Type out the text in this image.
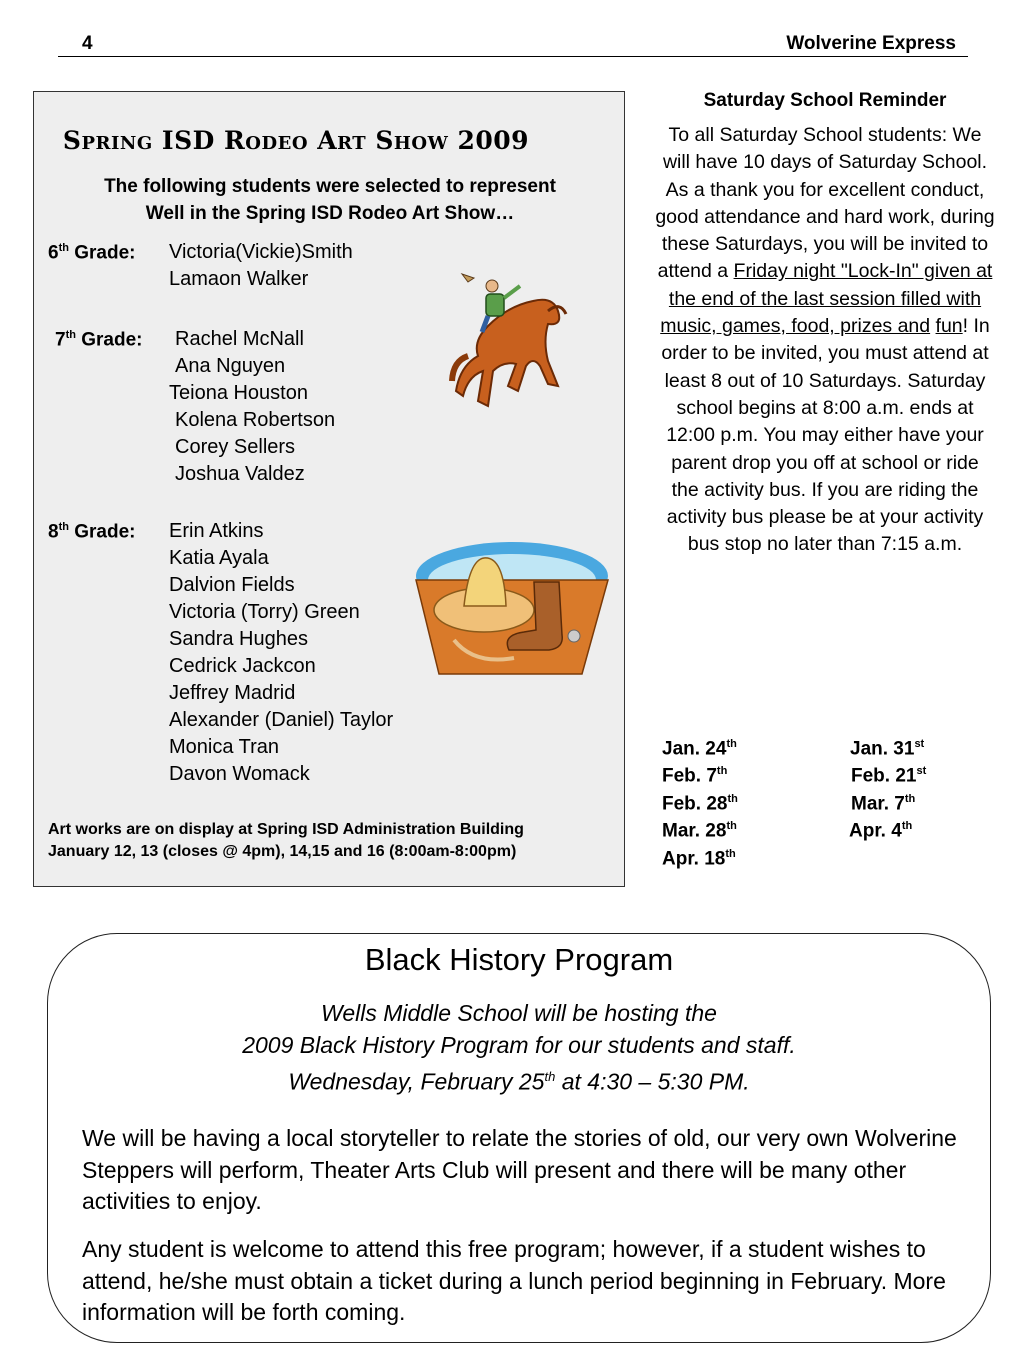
4	Wolverine Express
Spring ISD Rodeo Art Show 2009
The following students were selected to represent
Well in the Spring ISD Rodeo Art Show…
6th Grade: Victoria(Vickie)Smith
Lamaon Walker
7th Grade: Rachel McNall
Ana Nguyen
Teiona Houston
Kolena Robertson
Corey Sellers
Joshua Valdez
8th Grade: Erin Atkins
Katia Ayala
Dalvion Fields
Victoria (Torry) Green
Sandra Hughes
Cedrick Jackcon
Jeffrey Madrid
Alexander (Daniel) Taylor
Monica Tran
Davon Womack
Art works are on display at Spring ISD Administration Building
January 12, 13 (closes @ 4pm), 14,15 and 16 (8:00am-8:00pm)
Saturday School Reminder
To all Saturday School students: We will have 10 days of Saturday School. As a thank you for excellent conduct, good attendance and hard work, during these Saturdays, you will be invited to attend a Friday night "Lock-In" given at the end of the last session filled with music, games, food, prizes and fun! In order to be invited, you must attend at least 8 out of 10 Saturdays. Saturday school begins at 8:00 a.m. ends at 12:00 p.m. You may either have your parent drop you off at school or ride the activity bus. If you are riding the activity bus please be at your activity bus stop no later than 7:15 a.m.
Jan. 24th	Jan. 31st
Feb. 7th	Feb. 21st
Feb. 28th	Mar. 7th
Mar. 28th	Apr. 4th
Apr. 18th
Black History Program
Wells Middle School will be hosting the
2009 Black History Program for our students and staff.
Wednesday, February 25th at 4:30 – 5:30 PM.
We will be having a local storyteller to relate the stories of old, our very own Wolverine Steppers will perform, Theater Arts Club will present and there will be many other activities to enjoy.
Any student is welcome to attend this free program; however, if a student wishes to attend, he/she must obtain a ticket during a lunch period beginning in February. More information will be forth coming.
